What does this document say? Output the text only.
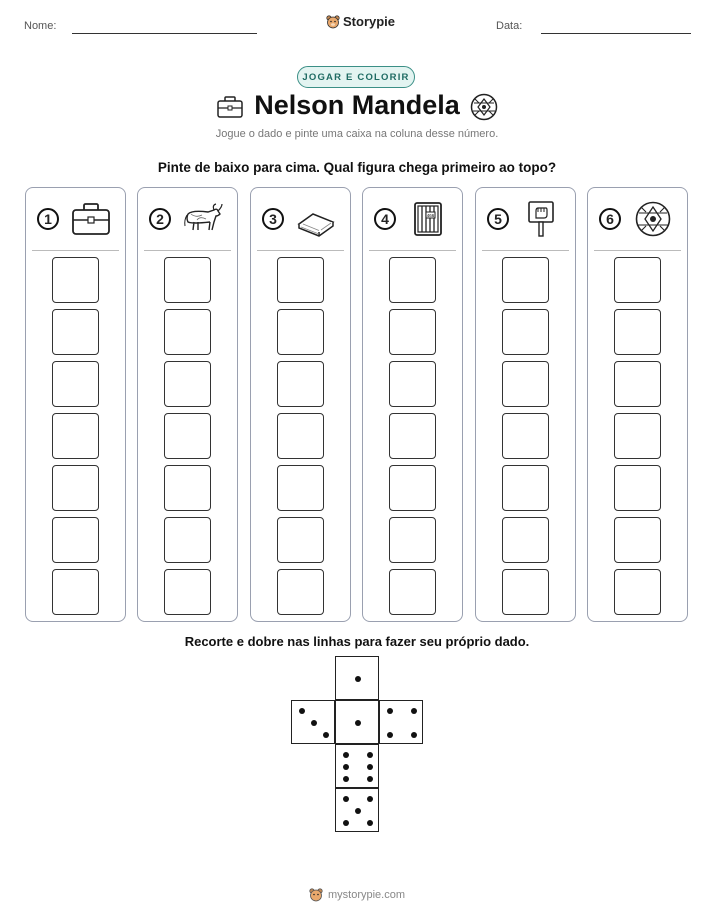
Nome:	Storypie	Data:
JOGAR E COLORIR
Nelson Mandela
Jogue o dado e pinte uma caixa na coluna desse número.
Pinte de baixo para cima. Qual figura chega primeiro ao topo?
1	2	3	4	466	5	6
Recorte e dobre nas linhas para fazer seu próprio dado.
mystorypie.com
